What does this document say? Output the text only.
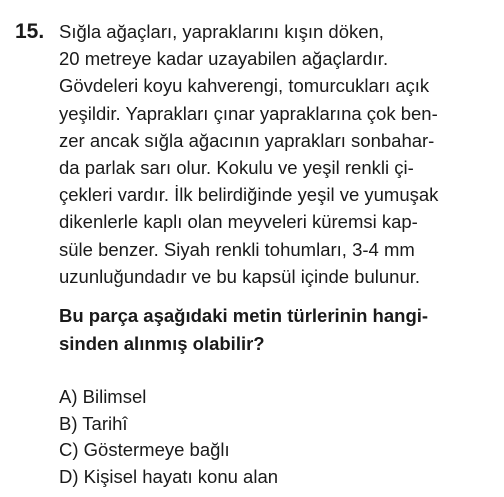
15. Sığla ağaçları, yapraklarını kışın döken,
20 metreye kadar uzayabilen ağaçlardır.
Gövdeleri koyu kahverengi, tomurcukları açık
yeşildir. Yaprakları çınar yapraklarına çok ben-
zer ancak sığla ağacının yaprakları sonbahar-
da parlak sarı olur. Kokulu ve yeşil renkli çi-
çekleri vardır. İlk belirdiğinde yeşil ve yumuşak
dikenlerle kaplı olan meyveleri küremsi kap-
süle benzer. Siyah renkli tohumları, 3-4 mm
uzunluğundadır ve bu kapsül içinde bulunur.
Bu parça aşağıdaki metin türlerinin hangi-
sinden alınmış olabilir?
A) Bilimsel
B) Tarihî
C) Göstermeye bağlı
D) Kişisel hayatı konu alan
